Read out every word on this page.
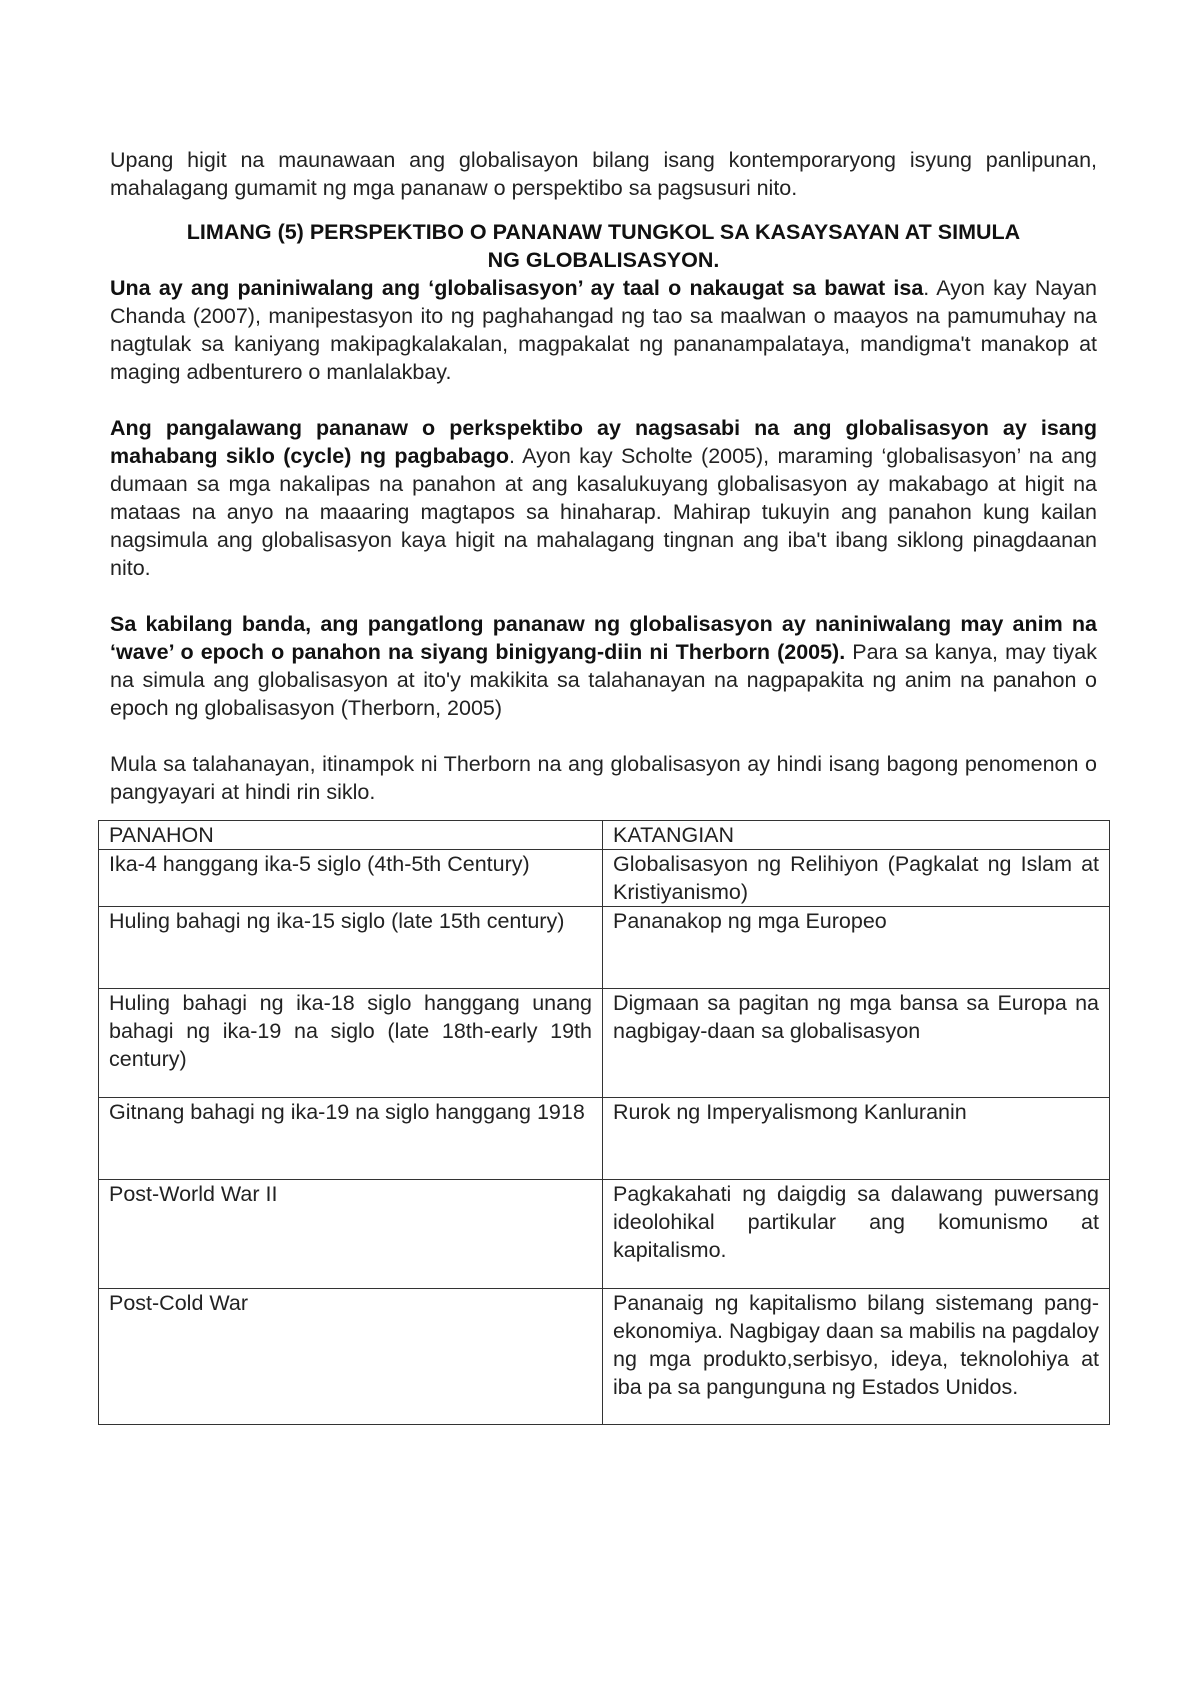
Upang higit na maunawaan ang globalisayon bilang isang kontemporaryong isyung panlipunan, mahalagang gumamit ng mga pananaw o perspektibo sa pagsusuri nito.

LIMANG (5) PERSPEKTIBO O PANANAW TUNGKOL SA KASAYSAYAN AT SIMULA
NG GLOBALISASYON.

Una ay ang paniniwalang ang ‘globalisasyon’ ay taal o nakaugat sa bawat isa. Ayon kay Nayan Chanda (2007), manipestasyon ito ng paghahangad ng tao sa maalwan o maayos na pamumuhay na nagtulak sa kaniyang makipagkalakalan, magpakalat ng pananampalataya, mandigma't manakop at maging adbenturero o manlalakbay.

Ang pangalawang pananaw o perkspektibo ay nagsasabi na ang globalisasyon ay isang mahabang siklo (cycle) ng pagbabago. Ayon kay Scholte (2005), maraming ‘globalisasyon’ na ang dumaan sa mga nakalipas na panahon at ang kasalukuyang globalisasyon ay makabago at higit na mataas na anyo na maaaring magtapos sa hinaharap. Mahirap tukuyin ang panahon kung kailan nagsimula ang globalisasyon kaya higit na mahalagang tingnan ang iba't ibang siklong pinagdaanan nito.

Sa kabilang banda, ang pangatlong pananaw ng globalisasyon ay naniniwalang may anim na ‘wave’ o epoch o panahon na siyang binigyang-diin ni Therborn (2005). Para sa kanya, may tiyak na simula ang globalisasyon at ito'y makikita sa talahanayan na nagpapakita ng anim na panahon o epoch ng globalisasyon (Therborn, 2005)

Mula sa talahanayan, itinampok ni Therborn na ang globalisasyon ay hindi isang bagong penomenon o pangyayari at hindi rin siklo.

PANAHON	KATANGIAN
Ika-4 hanggang ika-5 siglo (4th-5th Century)	Globalisasyon ng Relihiyon (Pagkalat ng Islam at Kristiyanismo)
Huling bahagi ng ika-15 siglo (late 15th century)	Pananakop ng mga Europeo
Huling bahagi ng ika-18 siglo hanggang unang bahagi ng ika-19 na siglo (late 18th-early 19th century)	Digmaan sa pagitan ng mga bansa sa Europa na nagbigay-daan sa globalisasyon
Gitnang bahagi ng ika-19 na siglo hanggang 1918	Rurok ng Imperyalismong Kanluranin
Post-World War II	Pagkakahati ng daigdig sa dalawang puwersang ideolohikal partikular ang komunismo at kapitalismo.
Post-Cold War	Pananaig ng kapitalismo bilang sistemang pang-ekonomiya. Nagbigay daan sa mabilis na pagdaloy ng mga produkto,serbisyo, ideya, teknolohiya at iba pa sa pangunguna ng Estados Unidos.
